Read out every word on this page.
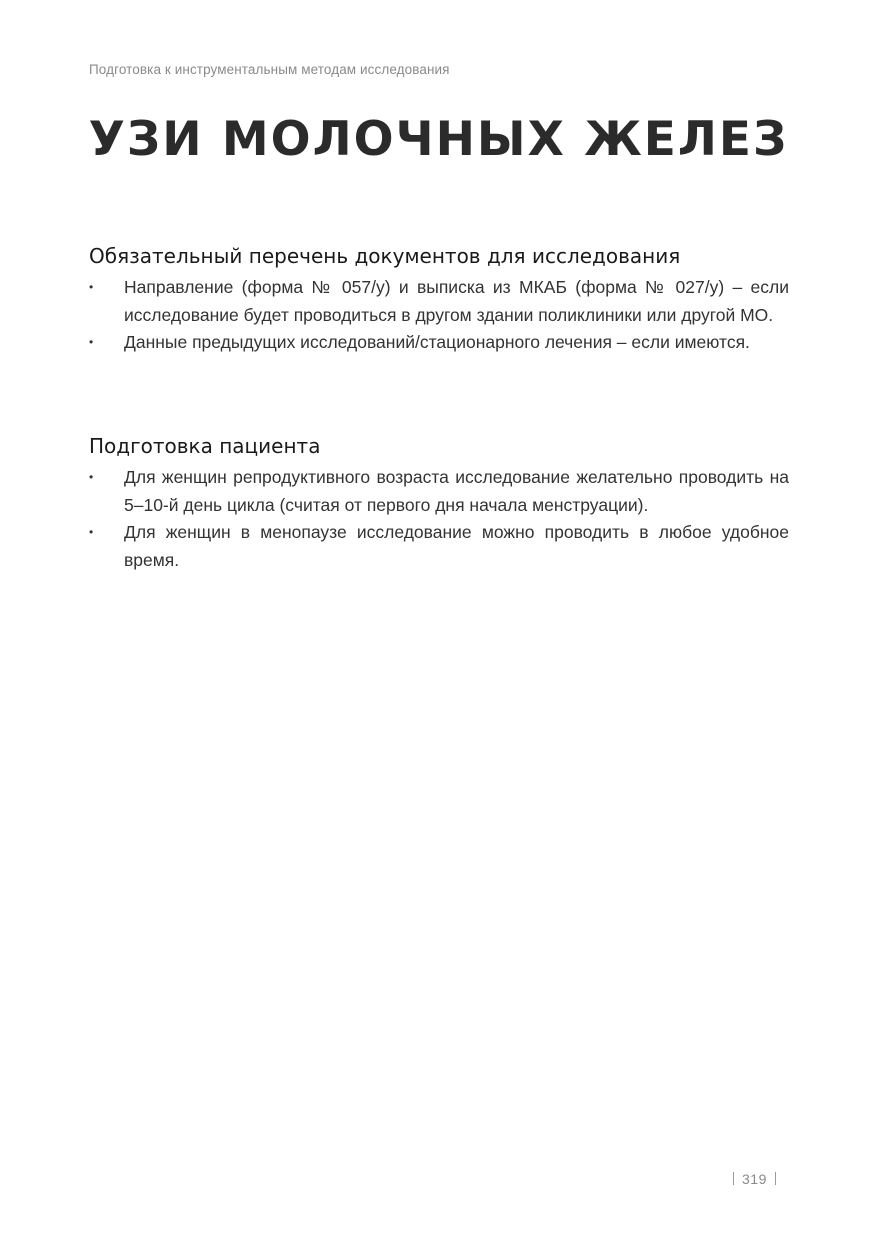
Подготовка к инструментальным методам исследования
УЗИ МОЛОЧНЫХ ЖЕЛЕЗ
Обязательный перечень документов для исследования
• Направление (форма № 057/у) и выписка из МКАБ (форма № 027/у) – если исследование будет проводиться в другом здании поликлиники или другой МО.
• Данные предыдущих исследований/стационарного лечения – если имеются.
Подготовка пациента
• Для женщин репродуктивного возраста исследование желательно проводить на 5–10-й день цикла (считая от первого дня начала менструации).
• Для женщин в менопаузе исследование можно проводить в любое удобное время.
319
